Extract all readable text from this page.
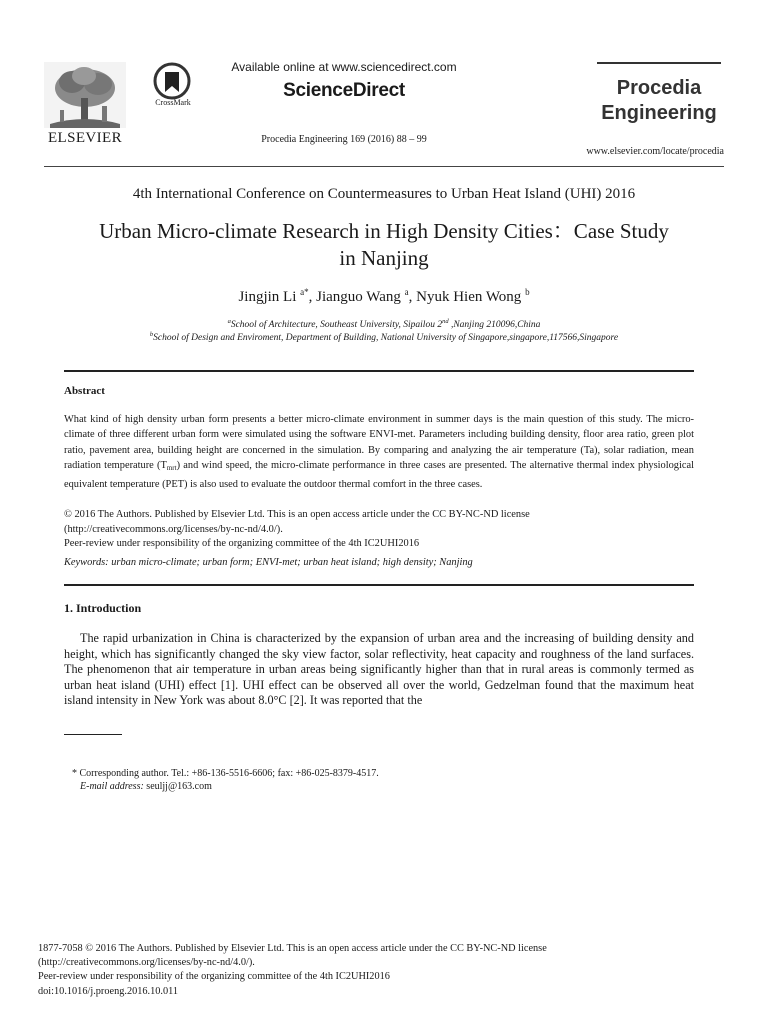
ELSEVIER
CrossMark
Available online at www.sciencedirect.com
ScienceDirect
Procedia Engineering 169 (2016) 88 – 99
Procedia
Engineering
www.elsevier.com/locate/procedia
4th International Conference on Countermeasures to Urban Heat Island (UHI) 2016
Urban Micro-climate Research in High Density Cities：Case Study
in Nanjing
Jingjin Li $^{a*}$, Jianguo Wang $^a$, Nyuk Hien Wong $^b$
$^a$School of Architecture, Southeast University, Sipailou 2nd ,Nanjing 210096,China
$^b$School of Design and Enviroment, Department of Building, National University of Singapore,singapore,117566,Singapore
Abstract
What kind of high density urban form presents a better micro-climate environment in summer days is the main question of this study. The micro-climate of three different urban form were simulated using the software ENVI-met. Parameters including building density, floor area ratio, green plot ratio, pavement area, building height are concerned in the simulation. By comparing and analyzing the air temperature (Ta), solar radiation, mean radiation temperature $(T_{mrt})$ and wind speed, the micro-climate performance in three cases are presented. The alternative thermal index physiological equivalent temperature (PET) is also used to evaluate the outdoor thermal comfort in the three cases.
© 2016 The Authors. Published by Elsevier Ltd. This is an open access article under the CC BY-NC-ND license
(http://creativecommons.org/licenses/by-nc-nd/4.0/).
Peer-review under responsibility of the organizing committee of the 4th IC2UHI2016
Keywords: urban micro-climate; urban form; ENVI-met; urban heat island; high density; Nanjing
1. Introduction
The rapid urbanization in China is characterized by the expansion of urban area and the increasing of building density and height, which has significantly changed the sky view factor, solar reflectivity, heat capacity and roughness of the land surfaces. The phenomenon that air temperature in urban areas being significantly higher than that in rural areas is commonly termed as urban heat island (UHI) effect [1]. UHI effect can be observed all over the world, Gedzelman found that the maximum heat island intensity in New York was about 8.0°C [2]. It was reported that the
* Corresponding author. Tel.: +86-136-5516-6606; fax: +86-025-8379-4517.
E-mail address: seuljj@163.com
1877-7058 © 2016 The Authors. Published by Elsevier Ltd. This is an open access article under the CC BY-NC-ND license
(http://creativecommons.org/licenses/by-nc-nd/4.0/).
Peer-review under responsibility of the organizing committee of the 4th IC2UHI2016
doi:10.1016/j.proeng.2016.10.011
